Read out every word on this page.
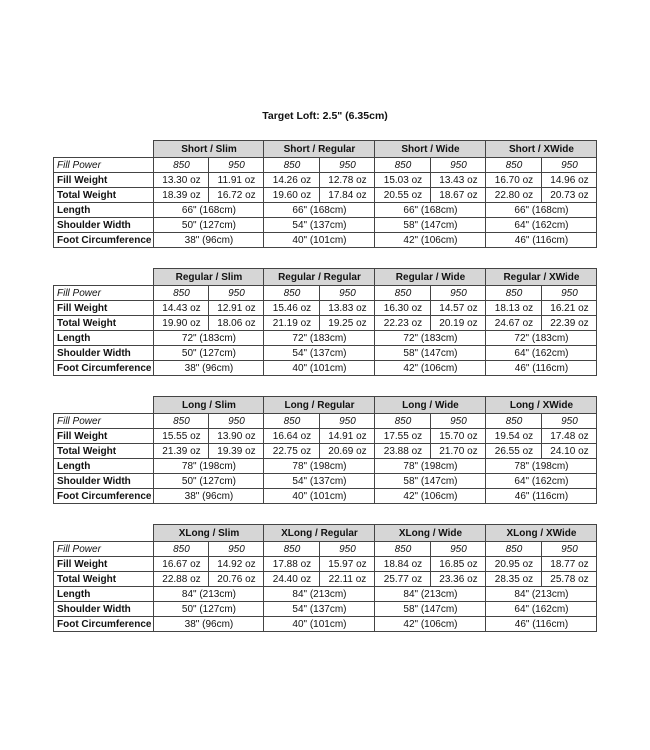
Target Loft: 2.5" (6.35cm)
	Short / Slim		Short / Regular		Short / Wide		Short / XWide	
Fill Power	850	950	850	950	850	950	850	950
Fill Weight	13.30 oz	11.91 oz	14.26 oz	12.78 oz	15.03 oz	13.43 oz	16.70 oz	14.96 oz
Total Weight	18.39 oz	16.72 oz	19.60 oz	17.84 oz	20.55 oz	18.67 oz	22.80 oz	20.73 oz
Length	66" (168cm)		66" (168cm)		66" (168cm)		66" (168cm)	
Shoulder Width	50" (127cm)		54" (137cm)		58" (147cm)		64" (162cm)	
Foot Circumference	38" (96cm)		40" (101cm)		42" (106cm)		46" (116cm)	
	Regular / Slim		Regular / Regular		Regular / Wide		Regular / XWide	
Fill Power	850	950	850	950	850	950	850	950
Fill Weight	14.43 oz	12.91 oz	15.46 oz	13.83 oz	16.30 oz	14.57 oz	18.13 oz	16.21 oz
Total Weight	19.90 oz	18.06 oz	21.19 oz	19.25 oz	22.23 oz	20.19 oz	24.67 oz	22.39 oz
Length	72" (183cm)		72" (183cm)		72" (183cm)		72" (183cm)	
Shoulder Width	50" (127cm)		54" (137cm)		58" (147cm)		64" (162cm)	
Foot Circumference	38" (96cm)		40" (101cm)		42" (106cm)		46" (116cm)	
	Long / Slim		Long / Regular		Long / Wide		Long / XWide	
Fill Power	850	950	850	950	850	950	850	950
Fill Weight	15.55 oz	13.90 oz	16.64 oz	14.91 oz	17.55 oz	15.70 oz	19.54 oz	17.48 oz
Total Weight	21.39 oz	19.39 oz	22.75 oz	20.69 oz	23.88 oz	21.70 oz	26.55 oz	24.10 oz
Length	78" (198cm)		78" (198cm)		78" (198cm)		78" (198cm)	
Shoulder Width	50" (127cm)		54" (137cm)		58" (147cm)		64" (162cm)	
Foot Circumference	38" (96cm)		40" (101cm)		42" (106cm)		46" (116cm)	
	XLong / Slim		XLong / Regular		XLong / Wide		XLong / XWide	
Fill Power	850	950	850	950	850	950	850	950
Fill Weight	16.67 oz	14.92 oz	17.88 oz	15.97 oz	18.84 oz	16.85 oz	20.95 oz	18.77 oz
Total Weight	22.88 oz	20.76 oz	24.40 oz	22.11 oz	25.77 oz	23.36 oz	28.35 oz	25.78 oz
Length	84" (213cm)		84" (213cm)		84" (213cm)		84" (213cm)	
Shoulder Width	50" (127cm)		54" (137cm)		58" (147cm)		64" (162cm)	
Foot Circumference	38" (96cm)		40" (101cm)		42" (106cm)		46" (116cm)	
